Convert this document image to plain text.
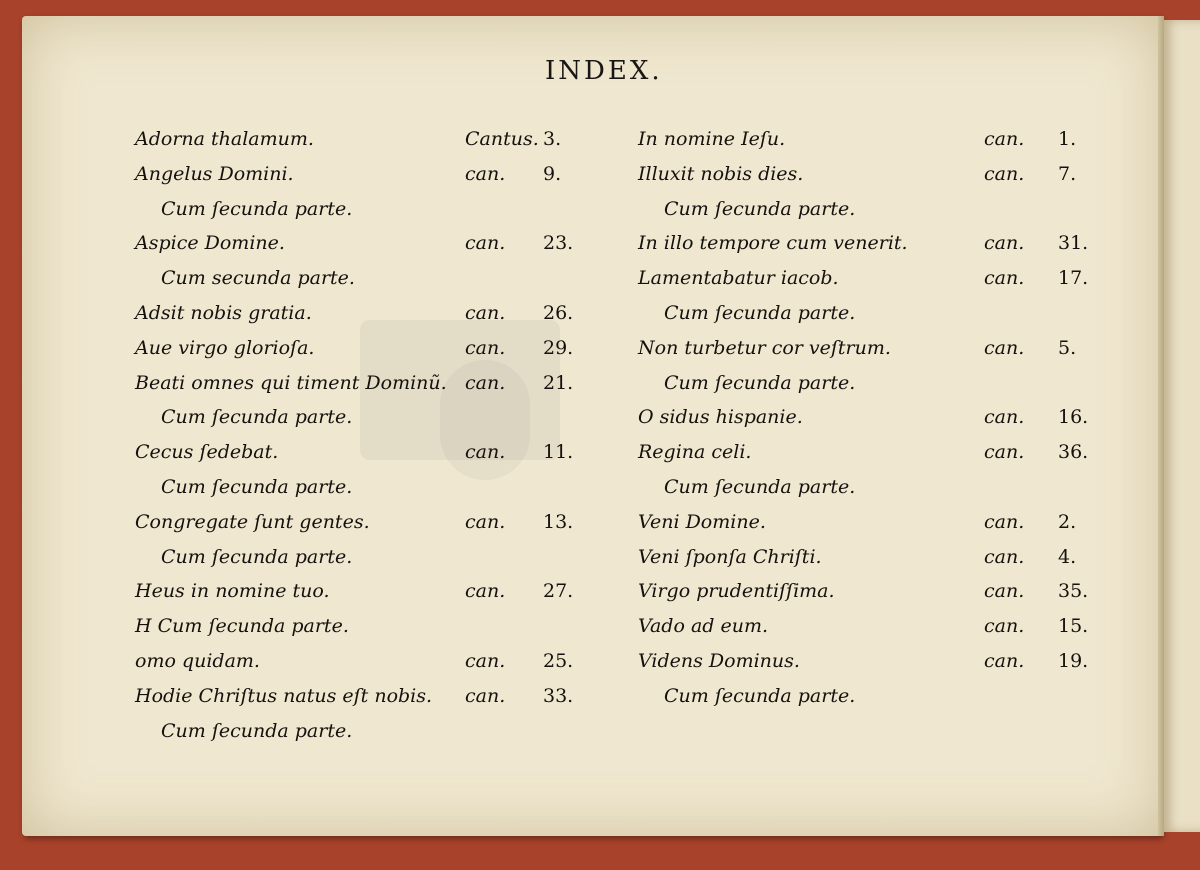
INDEX.
Adorna thalamum.	Cantus. 3.
Angelus Domini.	can. 9.
Cum ſecunda parte.
Aspice Domine.	can. 23.
Cum secunda parte.
Adsit nobis gratia.	can. 26.
Aue virgo glorioſa.	can. 29.
Beati omnes qui timent Dominũ. can. 21.
Cum ſecunda parte.
Cecus ſedebat.	can. 11.
Cum ſecunda parte.
Congregate ſunt gentes.	can. 13.
Cum ſecunda parte.
Heus in nomine tuo.	can. 27.
H Cum ſecunda parte.
omo quidam.	can. 25.
Hodie Chriſtus natus eſt nobis. can. 33.
Cum ſecunda parte.
In nomine Ieſu.	can. 1.
Illuxit nobis dies.	can. 7.
Cum ſecunda parte.
In illo tempore cum venerit.	can. 31.
Lamentabatur iacob.	can. 17.
Cum ſecunda parte.
Non turbetur cor veſtrum.	can. 5.
Cum ſecunda parte.
O sidus hispanie.	can. 16.
Regina celi.	can. 36.
Cum ſecunda parte.
Veni Domine.	can. 2.
Veni ſponſa Chriſti.	can. 4.
Virgo prudentiſſima.	can. 35.
Vado ad eum.	can. 15.
Videns Dominus.	can. 19.
Cum ſecunda parte.
